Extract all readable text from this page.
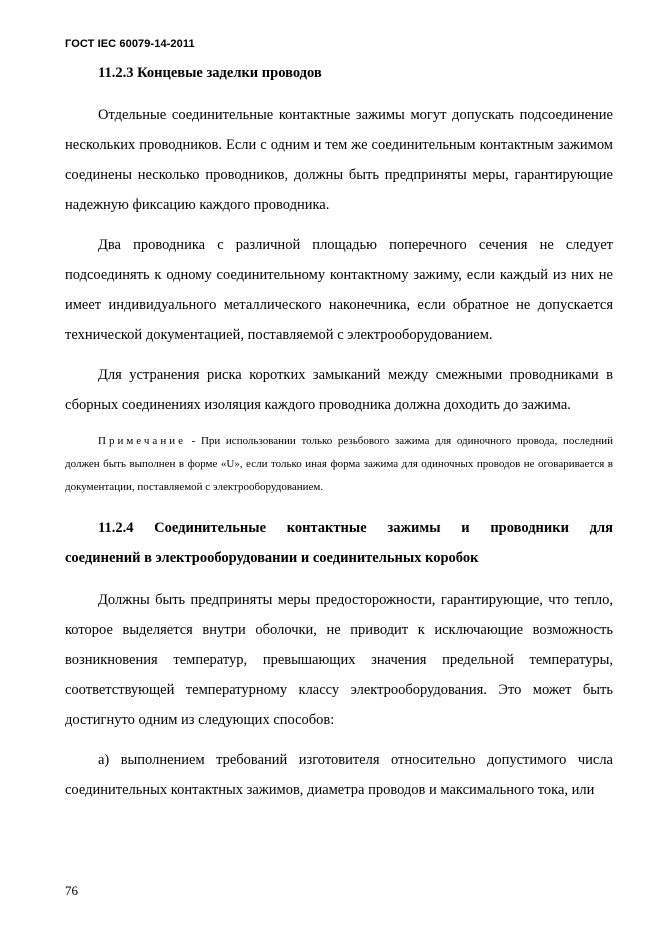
ГОСТ IEC 60079-14-2011

11.2.3 Концевые заделки проводов

Отдельные соединительные контактные зажимы могут допускать подсоединение нескольких проводников. Если с одним и тем же соединительным контактным зажимом соединены несколько проводников, должны быть предприняты меры, гарантирующие надежную фиксацию каждого проводника.

Два проводника с различной площадью поперечного сечения не следует подсоединять к одному соединительному контактному зажиму, если каждый из них не имеет индивидуального металлического наконечника, если обратное не допускается технической документацией, поставляемой с электрооборудованием.

Для устранения риска коротких замыканий между смежными проводниками в сборных соединениях изоляция каждого проводника должна доходить до зажима.

Примечание - При использовании только резьбового зажима для одиночного провода, последний должен быть выполнен в форме «U», если только иная форма зажима для одиночных проводов не оговаривается в документации, поставляемой с электрооборудованием.

11.2.4 Соединительные контактные зажимы и проводники для
соединений в электрооборудовании и соединительных коробок

Должны быть предприняты меры предосторожности, гарантирующие, что тепло, которое выделяется внутри оболочки, не приводит к исключающие возможность возникновения температур, превышающих значения предельной температуры, соответствующей температурному классу электрооборудования. Это может быть достигнуто одним из следующих способов:

а) выполнением требований изготовителя относительно допустимого числа соединительных контактных зажимов, диаметра проводов и максимального тока, или

76
